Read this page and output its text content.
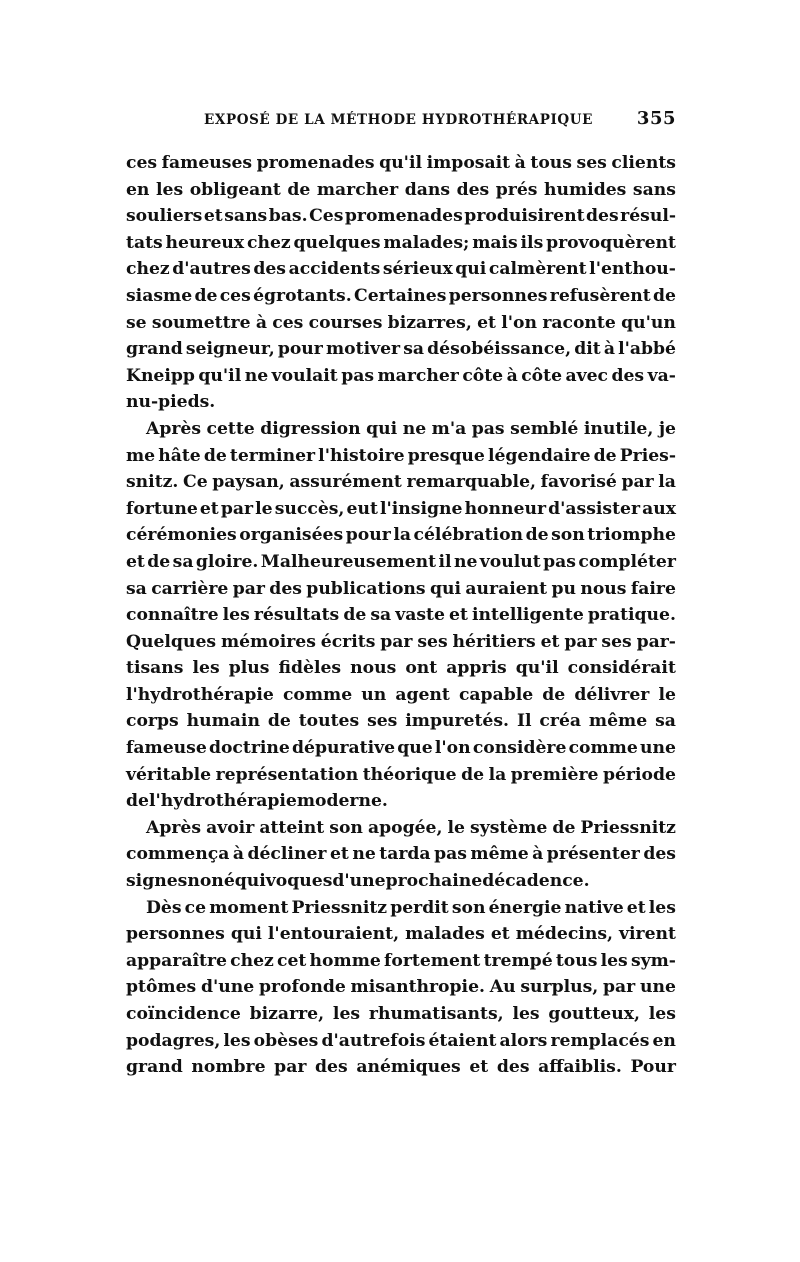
EXPOSÉ DE LA MÉTHODE HYDROTHÉRAPIQUE 355
ces fameuses promenades qu'il imposait à tous ses clients
en les obligeant de marcher dans des prés humides sans
souliers et sans bas. Ces promenades produisirent des résul-
tats heureux chez quelques malades; mais ils provoquèrent
chez d'autres des accidents sérieux qui calmèrent l'enthou-
siasme de ces égrotants. Certaines personnes refusèrent de
se soumettre à ces courses bizarres, et l'on raconte qu'un
grand seigneur, pour motiver sa désobéissance, dit à l'abbé
Kneipp qu'il ne voulait pas marcher côte à côte avec des va-
nu-pieds.
Après cette digression qui ne m'a pas semblé inutile, je
me hâte de terminer l'histoire presque légendaire de Pries-
snitz. Ce paysan, assurément remarquable, favorisé par la
fortune et par le succès, eut l'insigne honneur d'assister aux
cérémonies organisées pour la célébration de son triomphe
et de sa gloire. Malheureusement il ne voulut pas compléter
sa carrière par des publications qui auraient pu nous faire
connaître les résultats de sa vaste et intelligente pratique.
Quelques mémoires écrits par ses héritiers et par ses par-
tisans les plus fidèles nous ont appris qu'il considérait
l'hydrothérapie comme un agent capable de délivrer le
corps humain de toutes ses impuretés. Il créa même sa
fameuse doctrine dépurative que l'on considère comme une
véritable représentation théorique de la première période
de l'hydrothérapie moderne.
Après avoir atteint son apogée, le système de Priessnitz
commença à décliner et ne tarda pas même à présenter des
signes non équivoques d'une prochaine décadence.
Dès ce moment Priessnitz perdit son énergie native et les
personnes qui l'entouraient, malades et médecins, virent
apparaître chez cet homme fortement trempé tous les sym-
ptômes d'une profonde misanthropie. Au surplus, par une
coïncidence bizarre, les rhumatisants, les goutteux, les
podagres, les obèses d'autrefois étaient alors remplacés en
grand nombre par des anémiques et des affaiblis. Pour
